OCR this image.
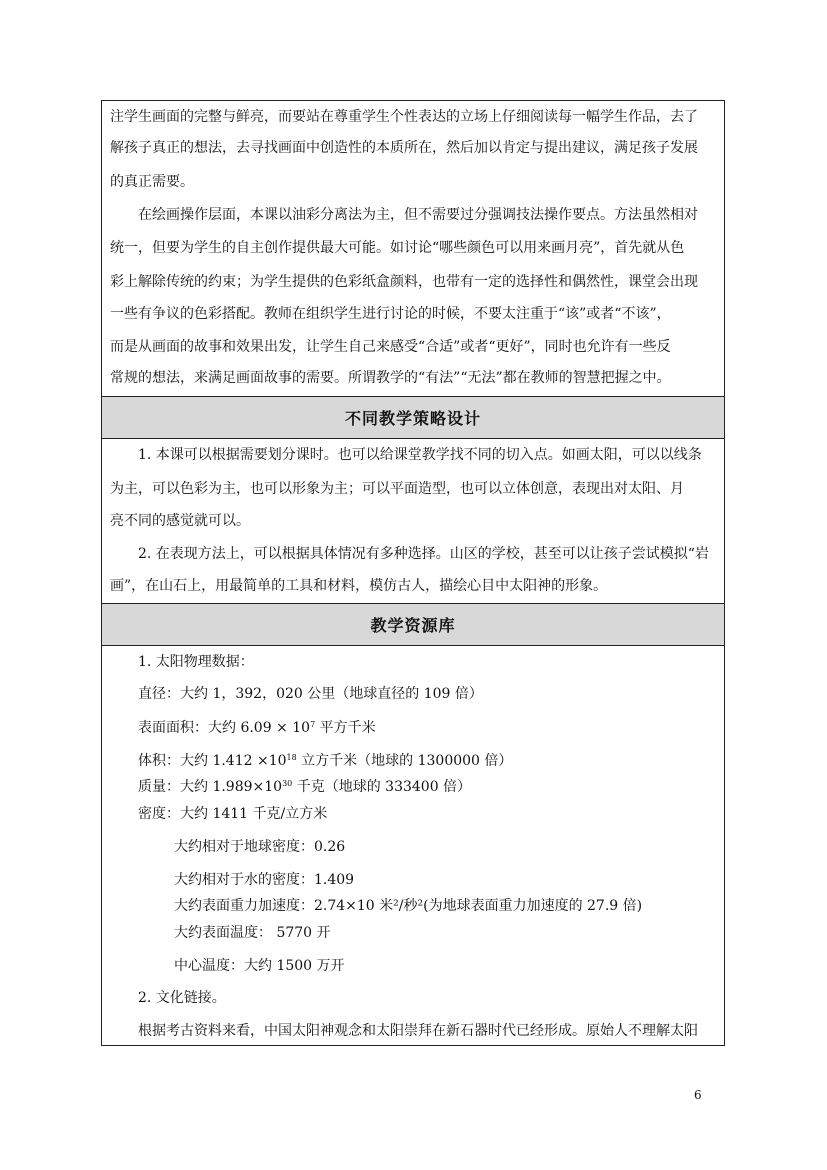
注学生画面的完整与鲜亮，而要站在尊重学生个性表达的立场上仔细阅读每一幅学生作品，去了
解孩子真正的想法，去寻找画面中创造性的本质所在，然后加以肯定与提出建议，满足孩子发展
的真正需要。
在绘画操作层面，本课以油彩分离法为主，但不需要过分强调技法操作要点。方法虽然相对
统一，但要为学生的自主创作提供最大可能。如讨论“哪些颜色可以用来画月亮”，首先就从色
彩上解除传统的约束；为学生提供的色彩纸盒颜料，也带有一定的选择性和偶然性，课堂会出现
一些有争议的色彩搭配。教师在组织学生进行讨论的时候，不要太注重于“该”或者“不该”，
而是从画面的故事和效果出发，让学生自己来感受“合适”或者“更好”，同时也允许有一些反
常规的想法，来满足画面故事的需要。所谓教学的“有法”“无法”都在教师的智慧把握之中。
不同教学策略设计
1. 本课可以根据需要划分课时。也可以给课堂教学找不同的切入点。如画太阳，可以以线条
为主，可以色彩为主，也可以形象为主；可以平面造型，也可以立体创意，表现出对太阳、月
亮不同的感觉就可以。
2. 在表现方法上，可以根据具体情况有多种选择。山区的学校，甚至可以让孩子尝试模拟“岩
画”，在山石上，用最简单的工具和材料，模仿古人，描绘心目中太阳神的形象。
教学资源库
1. 太阳物理数据：
直径：大约 1，392，020 公里（地球直径的 109 倍）
表面面积：大约 $6.09 \times 10^7$ 平方千米
体积：大约 $1.412 \times 10^{18}$ 立方千米（地球的 1300000 倍）
质量：大约 $1.989\times 10^{30}$ 千克（地球的 333400 倍）
密度：大约 1411 千克/立方米
大约相对于地球密度：0.26
大约相对于水的密度：1.409
大约表面重力加速度：2.74×10 米²/秒²(为地球表面重力加速度的 27.9 倍)
大约表面温度： 5770 开
中心温度：大约 1500 万开
2. 文化链接。
根据考古资料来看，中国太阳神观念和太阳崇拜在新石器时代已经形成。原始人不理解太阳
6
